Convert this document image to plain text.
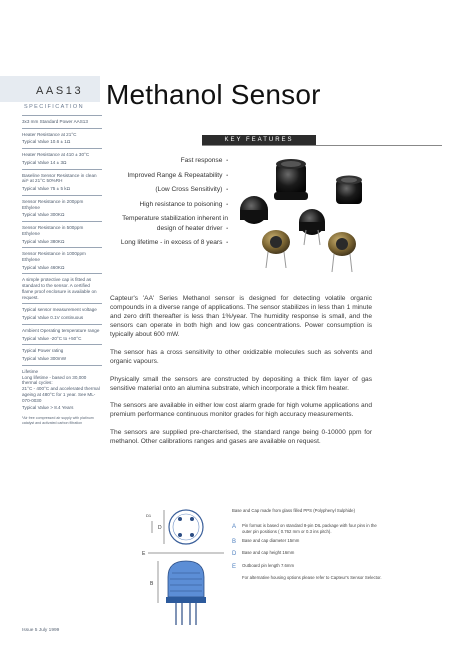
AAS13 Methanol Sensor
SPECIFICATION
3x3 mm Standard Power AAS13
Heater Resistance at 21°C
Typical Value 10.6 ± 1Ω
Heater Resistance at 410 ± 30°C
Typical Value 14 ± 3Ω
Baseline Sensor Resistance in clean air¹ at 21°C 50%RH
Typical Value 75 ± 5 kΩ
Sensor Resistance in 200ppm Ethylene
Typical Value 300KΩ
Sensor Resistance in 500ppm Ethylene
Typical Value 380KΩ
Sensor Resistance in 1000ppm Ethylene
Typical Value 460KΩ
A simple protective cap is fitted as standard to the sensor. A certified flame proof enclosure is available on request.
Typical sensor measurement voltage
Typical Value 0.1V continuous
Ambient Operating temperature range
Typical Value -20°C to +50°C
Typical Power rating
Typical Value 300mW
Lifetime
Long lifetime - based on 30,000 thermal cycles:
21°C - 400°C and accelerated thermal ageing at 480°C for 1 year. See ML-070-0030
Typical Value > 8.4 Years
¹Air free compressed air supply with platinum catalyst and activated carbon filtration
KEY FEATURES
Fast response •
Improved Range & Repeatability •
(Low Cross Sensitivity) •
High resistance to poisoning •
Temperature stabilization inherent in design of heater driver •
Long lifetime - in excess of 8 years •

Capteur's 'AA' Series Methanol sensor is designed for detecting volatile organic compounds in a diverse range of applications. The sensor stabilizes in less than 1 minute and zero drift thereafter is less than 1%/year. The humidity response is small, and the sensors can operate in both high and low gas concentrations. Power consumption is typically about 600 mW.

The sensor has a cross sensitivity to other oxidizable molecules such as solvents and organic vapours.

Physically small the sensors are constructed by depositing a thick film layer of gas sensitive material onto an alumina substrate, which incorporate a thick film heater.

The sensors are available in either low cost alarm grade for high volume applications and premium performance continuous monitor grades for high accuracy measurements.

The sensors are supplied pre-charcterised, the standard range being 0-10000 ppm for methanol. Other calibrations ranges and gases are available on request.

D
D1
E
B
Base and Cap made from glass filled PPS (Polyphenyl Sulphide)
A	Pin format is based on standard 8-pin DIL package with four pins in the outer pin positions ( 0.762 mm or 0.3 ins pitch).
B	Base and cap diameter 15mm
D	Base and cap height 16mm
E	Outboard pin length 7.6mm
For alternative housing options please refer to Capteur's Sensor Selector.
Issue 5 July 1999
